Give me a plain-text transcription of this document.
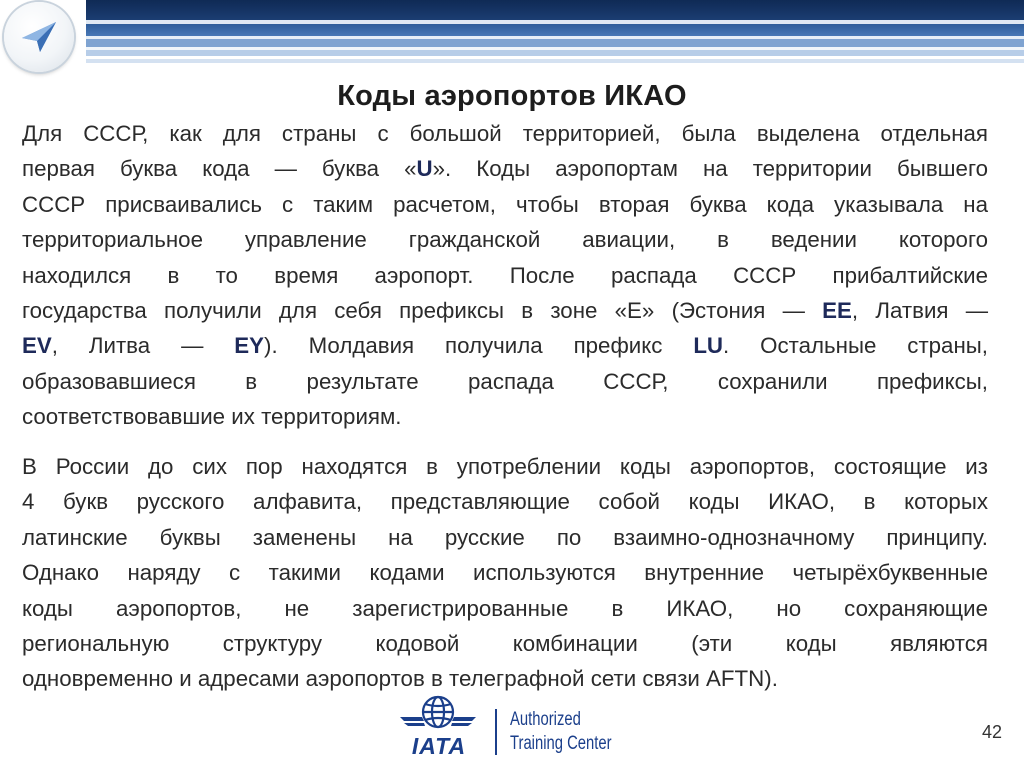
Коды аэропортов ИКАО
Для СССР, как для страны с большой территорией, была выделена отдельная
первая буква кода — буква «U». Коды аэропортам на территории бывшего
СССР присваивались с таким расчетом, чтобы вторая буква кода указывала на
территориальное управление гражданской авиации, в ведении которого
находился в то время аэропорт. После распада СССР прибалтийские
государства получили для себя префиксы в зоне «E» (Эстония — EE, Латвия —
EV, Литва — EY). Молдавия получила префикс LU. Остальные страны,
образовавшиеся в результате распада СССР, сохранили префиксы,
соответствовавшие их территориям.
В России до сих пор находятся в употреблении коды аэропортов, состоящие из
4 букв русского алфавита, представляющие собой коды ИКАО, в которых
латинские буквы заменены на русские по взаимно-однозначному принципу.
Однако наряду с такими кодами используются внутренние четырёхбуквенные
коды аэропортов, не зарегистрированные в ИКАО, но сохраняющие
региональную структуру кодовой комбинации (эти коды являются
одновременно и адресами аэропортов в телеграфной сети связи AFTN).
IATA
Authorized
Training Center
42
